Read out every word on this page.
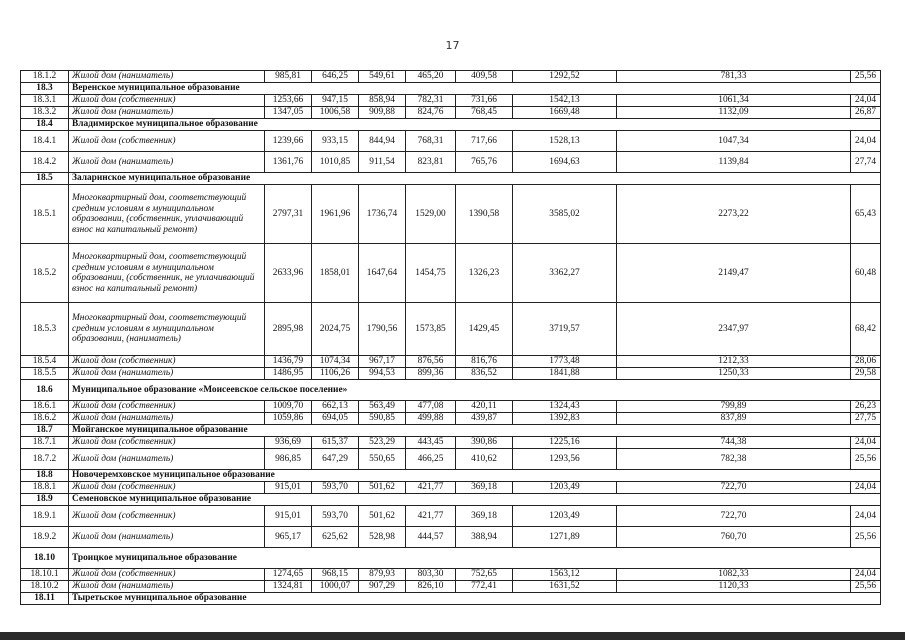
17
18.1.2	Жилой дом (наниматель)	985,81	646,25	549,61	465,20	409,58	1292,52	781,33	25,56
18.3	Веренское муниципальное образование								
18.3.1	Жилой дом (собственник)	1253,66	947,15	858,94	782,31	731,66	1542,13	1061,34	24,04
18.3.2	Жилой дом (наниматель)	1347,05	1006,58	909,88	824,76	768,45	1669,48	1132,09	26,87
18.4	Владимирское муниципальное образование								
18.4.1	Жилой дом (собственник)	1239,66	933,15	844,94	768,31	717,66	1528,13	1047,34	24,04
18.4.2	Жилой дом (наниматель)	1361,76	1010,85	911,54	823,81	765,76	1694,63	1139,84	27,74
18.5	Заларинское муниципальное образование								
18.5.1	Многоквартирный дом, соответствующий средним условиям в муниципальном образовании, (собственник, уплачивающий взнос на капитальный ремонт)	2797,31	1961,96	1736,74	1529,00	1390,58	3585,02	2273,22	65,43
18.5.2	Многоквартирный дом, соответствующий средним условиям в муниципальном образовании, (собственник, не уплачивающий взнос на капитальный ремонт)	2633,96	1858,01	1647,64	1454,75	1326,23	3362,27	2149,47	60,48
18.5.3	Многоквартирный дом, соответствующий средним условиям в муниципальном образовании, (наниматель)	2895,98	2024,75	1790,56	1573,85	1429,45	3719,57	2347,97	68,42
18.5.4	Жилой дом (собственник)	1436,79	1074,34	967,17	876,56	816,76	1773,48	1212,33	28,06
18.5.5	Жилой дом (наниматель)	1486,95	1106,26	994,53	899,36	836,52	1841,88	1250,33	29,58
18.6	Муниципальное образование «Моисеевское сельское поселение»								
18.6.1	Жилой дом (собственник)	1009,70	662,13	563,49	477,08	420,11	1324,43	799,89	26,23
18.6.2	Жилой дом (наниматель)	1059,86	694,05	590,85	499,88	439,87	1392,83	837,89	27,75
18.7	Мойганское муниципальное образование								
18.7.1	Жилой дом (собственник)	936,69	615,37	523,29	443,45	390,86	1225,16	744,38	24,04
18.7.2	Жилой дом (наниматель)	986,85	647,29	550,65	466,25	410,62	1293,56	782,38	25,56
18.8	Новочеремховское муниципальное образование								
18.8.1	Жилой дом (собственник)	915,01	593,70	501,62	421,77	369,18	1203,49	722,70	24,04
18.9	Семеновское муниципальное образование								
18.9.1	Жилой дом (собственник)	915,01	593,70	501,62	421,77	369,18	1203,49	722,70	24,04
18.9.2	Жилой дом (наниматель)	965,17	625,62	528,98	444,57	388,94	1271,89	760,70	25,56
18.10	Троицкое муниципальное образование								
18.10.1	Жилой дом (собственник)	1274,65	968,15	879,93	803,30	752,65	1563,12	1082,33	24,04
18.10.2	Жилой дом (наниматель)	1324,81	1000,07	907,29	826,10	772,41	1631,52	1120,33	25,56
18.11	Тыретьское муниципальное образование								
